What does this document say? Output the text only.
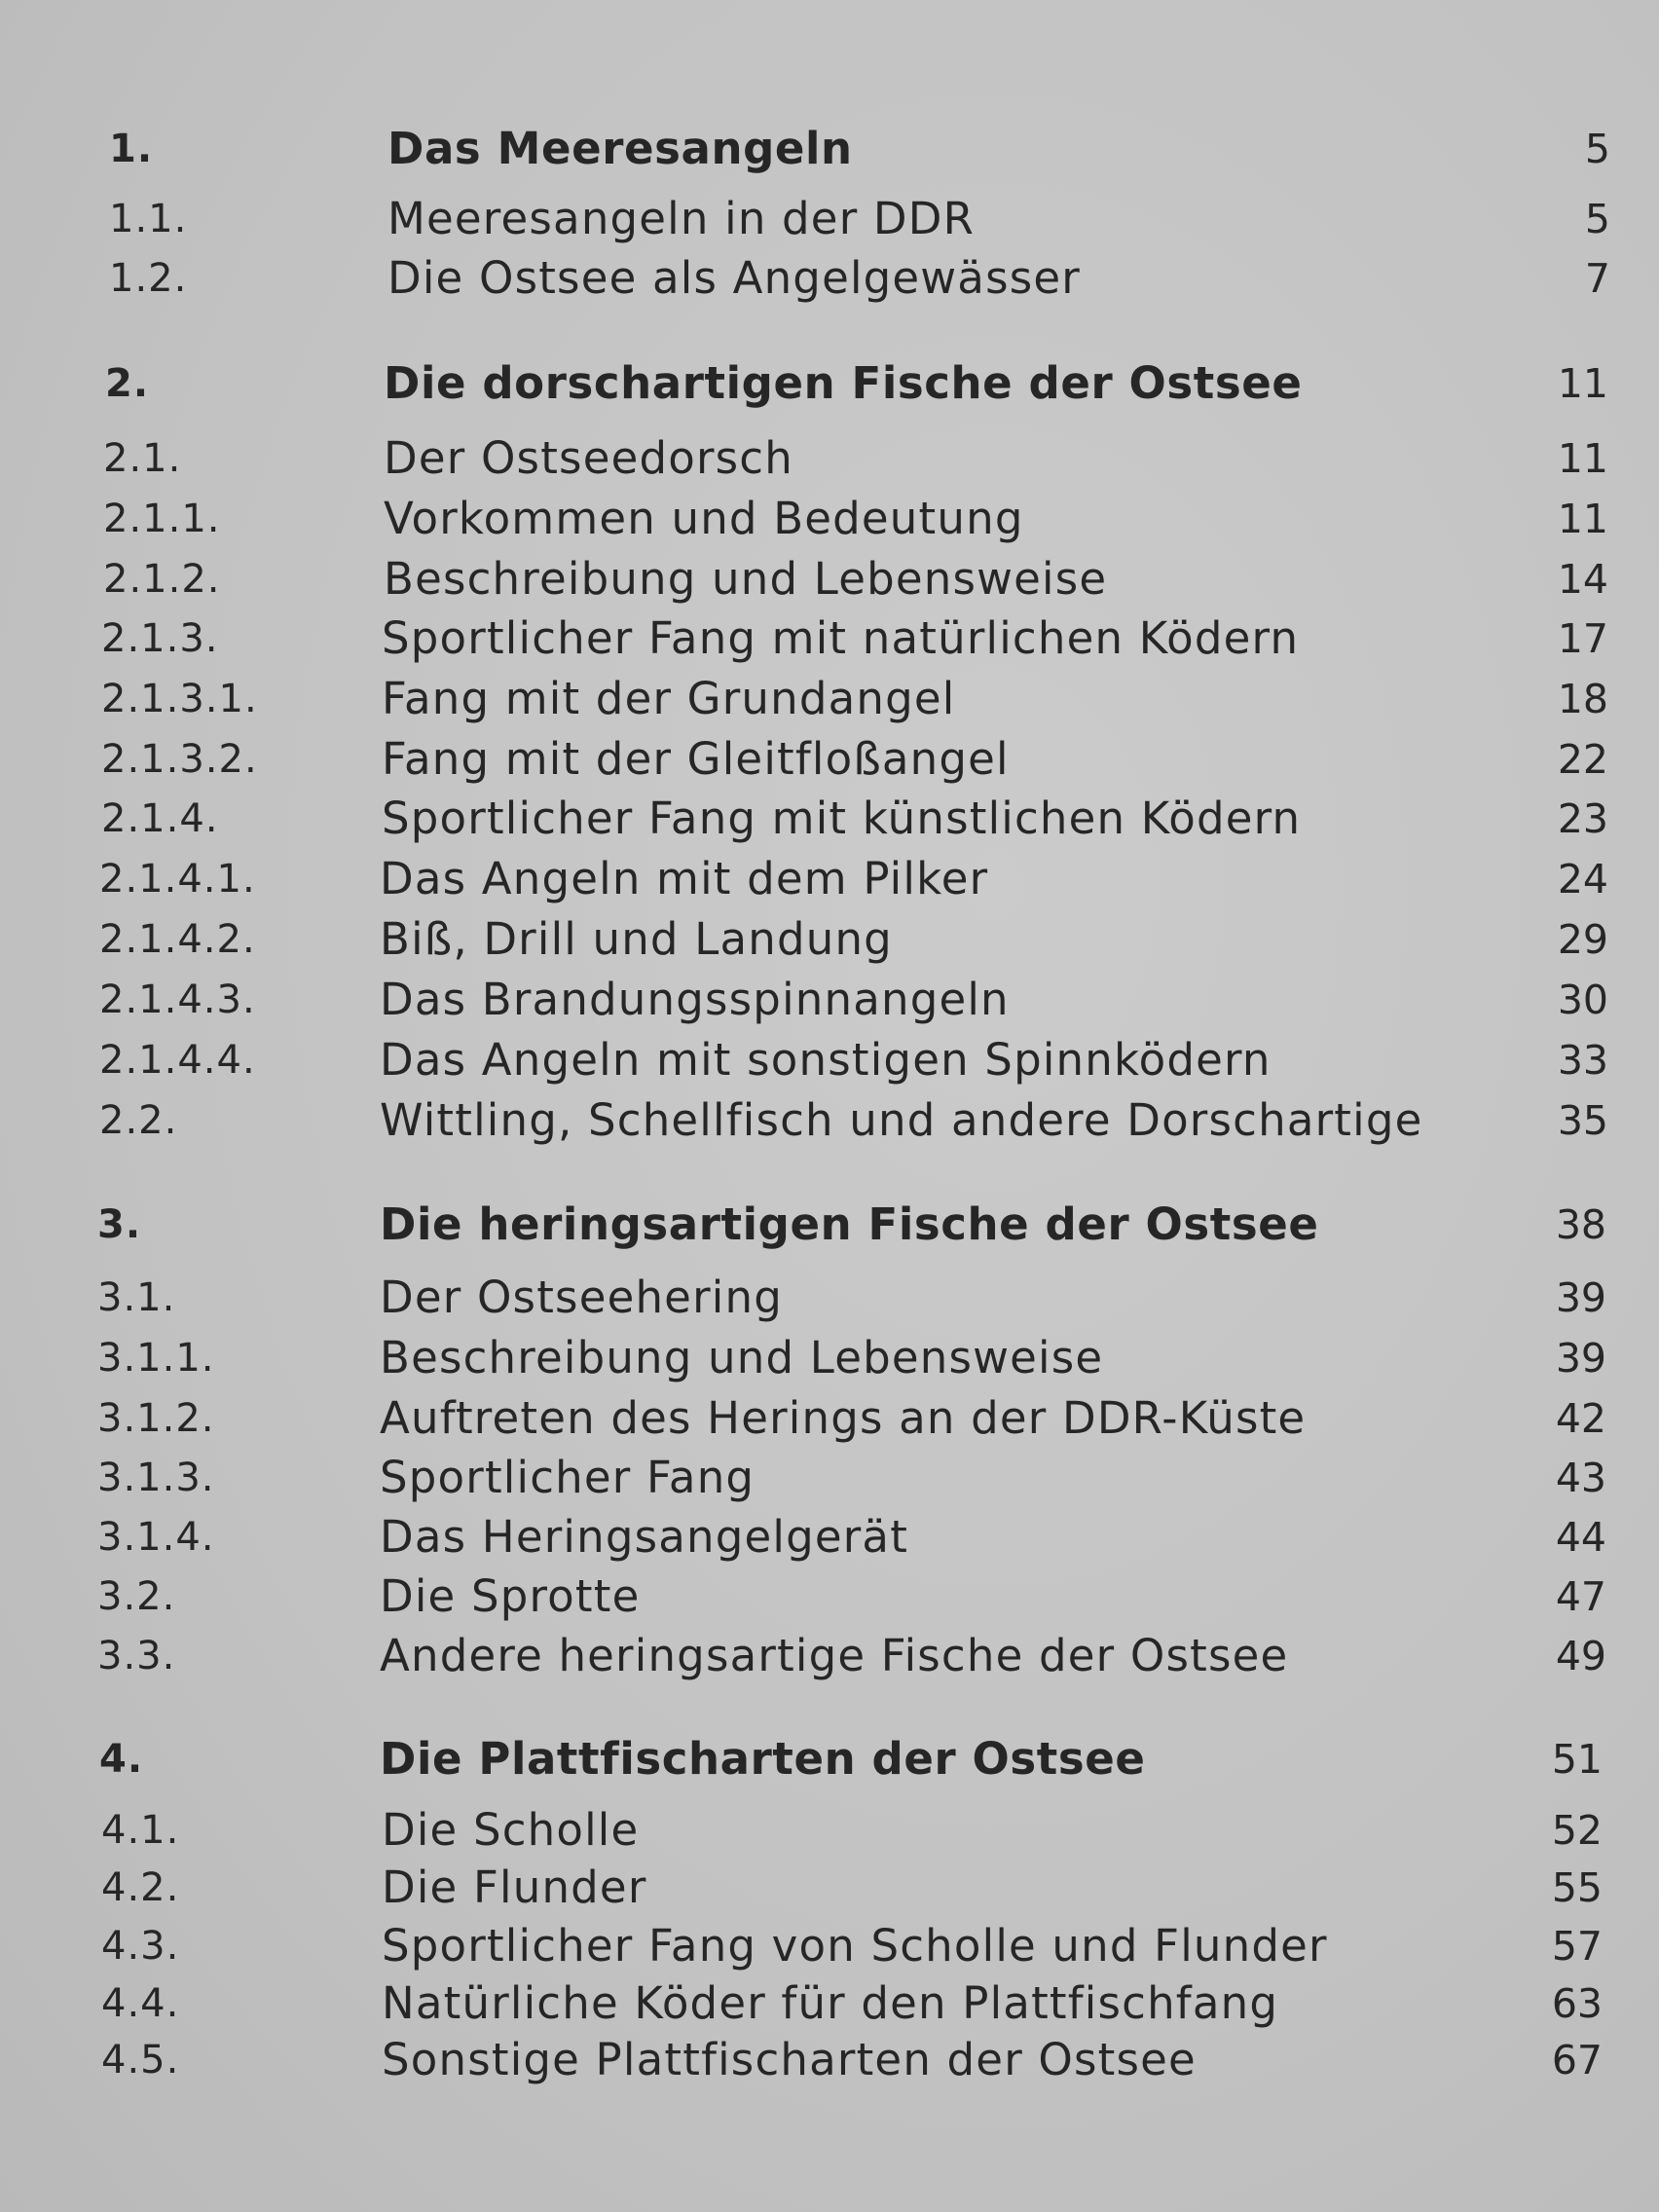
1.	Das Meeresangeln	5
1.1.	Meeresangeln in der DDR	5
1.2.	Die Ostsee als Angelgewässer	7
2.	Die dorschartigen Fische der Ostsee	11
2.1.	Der Ostseedorsch	11
2.1.1.	Vorkommen und Bedeutung	11
2.1.2.	Beschreibung und Lebensweise	14
2.1.3.	Sportlicher Fang mit natürlichen Ködern	17
2.1.3.1.	Fang mit der Grundangel	18
2.1.3.2.	Fang mit der Gleitfloßangel	22
2.1.4.	Sportlicher Fang mit künstlichen Ködern	23
2.1.4.1.	Das Angeln mit dem Pilker	24
2.1.4.2.	Biß, Drill und Landung	29
2.1.4.3.	Das Brandungsspinnangeln	30
2.1.4.4.	Das Angeln mit sonstigen Spinnködern	33
2.2.	Wittling, Schellfisch und andere Dorschartige	35
3.	Die heringsartigen Fische der Ostsee	38
3.1.	Der Ostseehering	39
3.1.1.	Beschreibung und Lebensweise	39
3.1.2.	Auftreten des Herings an der DDR-Küste	42
3.1.3.	Sportlicher Fang	43
3.1.4.	Das Heringsangelgerät	44
3.2.	Die Sprotte	47
3.3.	Andere heringsartige Fische der Ostsee	49
4.	Die Plattfischarten der Ostsee	51
4.1.	Die Scholle	52
4.2.	Die Flunder	55
4.3.	Sportlicher Fang von Scholle und Flunder	57
4.4.	Natürliche Köder für den Plattfischfang	63
4.5.	Sonstige Plattfischarten der Ostsee	67
